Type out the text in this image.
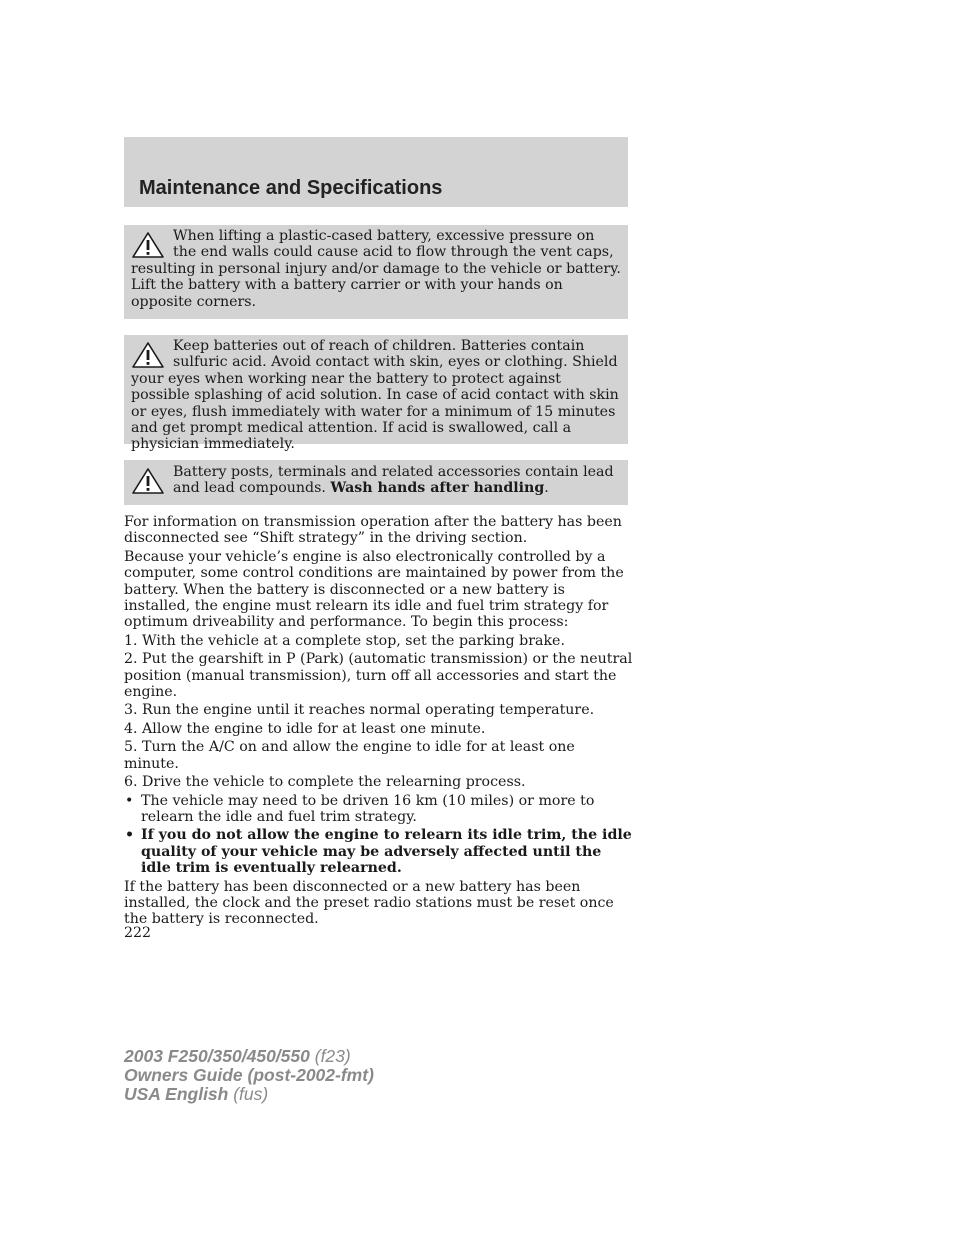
Maintenance and Specifications
When lifting a plastic-cased battery, excessive pressure on the end walls could cause acid to flow through the vent caps, resulting in personal injury and/or damage to the vehicle or battery. Lift the battery with a battery carrier or with your hands on opposite corners.
Keep batteries out of reach of children. Batteries contain sulfuric acid. Avoid contact with skin, eyes or clothing. Shield your eyes when working near the battery to protect against possible splashing of acid solution. In case of acid contact with skin or eyes, flush immediately with water for a minimum of 15 minutes and get prompt medical attention. If acid is swallowed, call a physician immediately.
Battery posts, terminals and related accessories contain lead and lead compounds. Wash hands after handling.

For information on transmission operation after the battery has been disconnected see “Shift strategy” in the driving section.

Because your vehicle’s engine is also electronically controlled by a computer, some control conditions are maintained by power from the battery. When the battery is disconnected or a new battery is installed, the engine must relearn its idle and fuel trim strategy for optimum driveability and performance. To begin this process:

1. With the vehicle at a complete stop, set the parking brake.

2. Put the gearshift in P (Park) (automatic transmission) or the neutral position (manual transmission), turn off all accessories and start the engine.

3. Run the engine until it reaches normal operating temperature.

4. Allow the engine to idle for at least one minute.

5. Turn the A/C on and allow the engine to idle for at least one minute.

6. Drive the vehicle to complete the relearning process.

• The vehicle may need to be driven 16 km (10 miles) or more to relearn the idle and fuel trim strategy.
• If you do not allow the engine to relearn its idle trim, the idle quality of your vehicle may be adversely affected until the idle trim is eventually relearned.

If the battery has been disconnected or a new battery has been installed, the clock and the preset radio stations must be reset once the battery is reconnected.

222
2003 F250/350/450/550 (f23)
Owners Guide (post-2002-fmt)
USA English (fus)
